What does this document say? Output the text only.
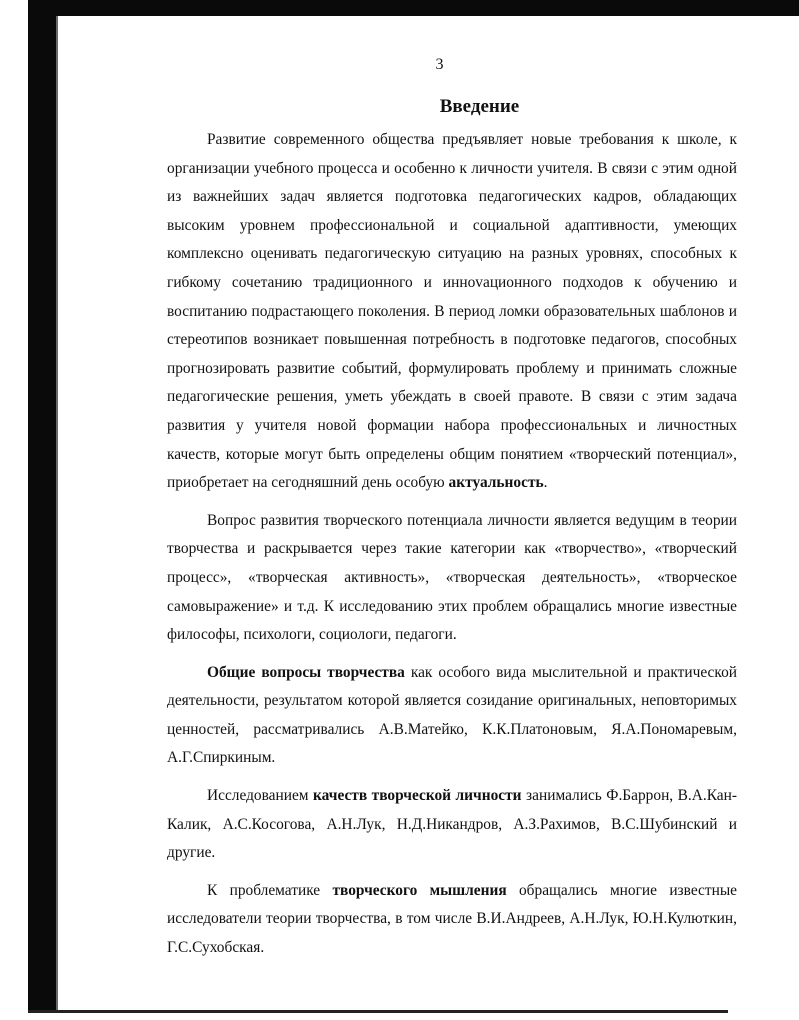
3
Введение

Развитие современного общества предъявляет новые требования к школе, к организации учебного процесса и особенно к личности учителя. В связи с этим одной из важнейших задач является подготовка педагогических кадров, обладающих высоким уровнем профессиональной и социальной адаптивности, умеющих комплексно оценивать педагогическую ситуацию на разных уровнях, способных к гибкому сочетанию традиционного и инноvационного подходов к обучению и воспитанию подрастающего поколения. В период ломки образовательных шаблонов и стереотипов возникает повышенная потребность в подготовке педагогов, способных прогнозировать развитие событий, формулировать проблему и принимать сложные педагогические решения, уметь убеждать в своей правоте. В связи с этим задача развития у учителя новой формации набора профессиональных и личностных качеств, которые могут быть определены общим понятием «творческий потенциал», приобретает на сегодняшний день особую актуальность.

Вопрос развития творческого потенциала личности является ведущим в теории творчества и раскрывается через такие категории как «творчество», «творческий процесс», «творческая активность», «творческая деятельность», «творческое самовыражение» и т.д. К исследованию этих проблем обращались многие известные философы, психологи, социологи, педагоги.

Общие вопросы творчества как особого вида мыслительной и практической деятельности, результатом которой является созидание оригинальных, неповторимых ценностей, рассматривались А.В.Матейко, К.К.Платоновым, Я.А.Пономаревым, А.Г.Спиркиным.

Исследованием качеств творческой личности занимались Ф.Баррон, В.А.Кан-Калик, А.С.Косогова, А.Н.Лук, Н.Д.Никандров, А.З.Рахимов, В.С.Шубинский и другие.

К проблематике творческого мышления обращались многие известные исследователи теории творчества, в том числе В.И.Андреев, А.Н.Лук, Ю.Н.Кулюткин, Г.С.Сухобская.
